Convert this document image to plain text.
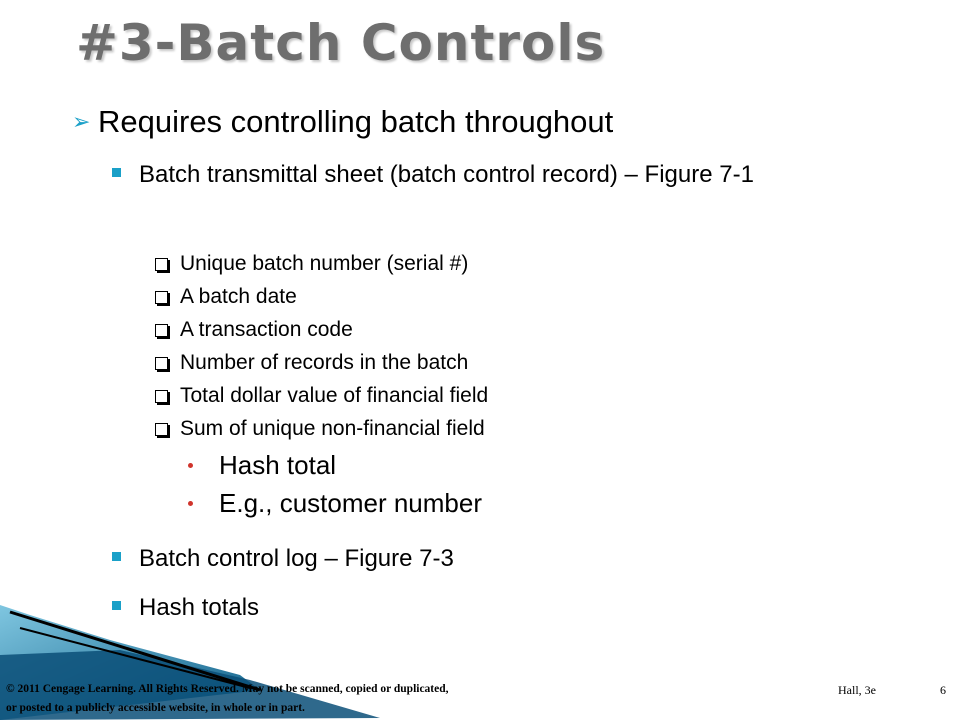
#3-Batch Controls
➢ Requires controlling batch throughout
Batch transmittal sheet (batch control record) – Figure 7-1
Unique batch number (serial #)
A batch date
A transaction code
Number of records in the batch
Total dollar value of financial field
Sum of unique non-financial field
Hash total
E.g., customer number
Batch control log – Figure 7-3
Hash totals
© 2011 Cengage Learning. All Rights Reserved. May not be scanned, copied or duplicated,
or posted to a publicly accessible website, in whole or in part.
Hall, 3e	6
